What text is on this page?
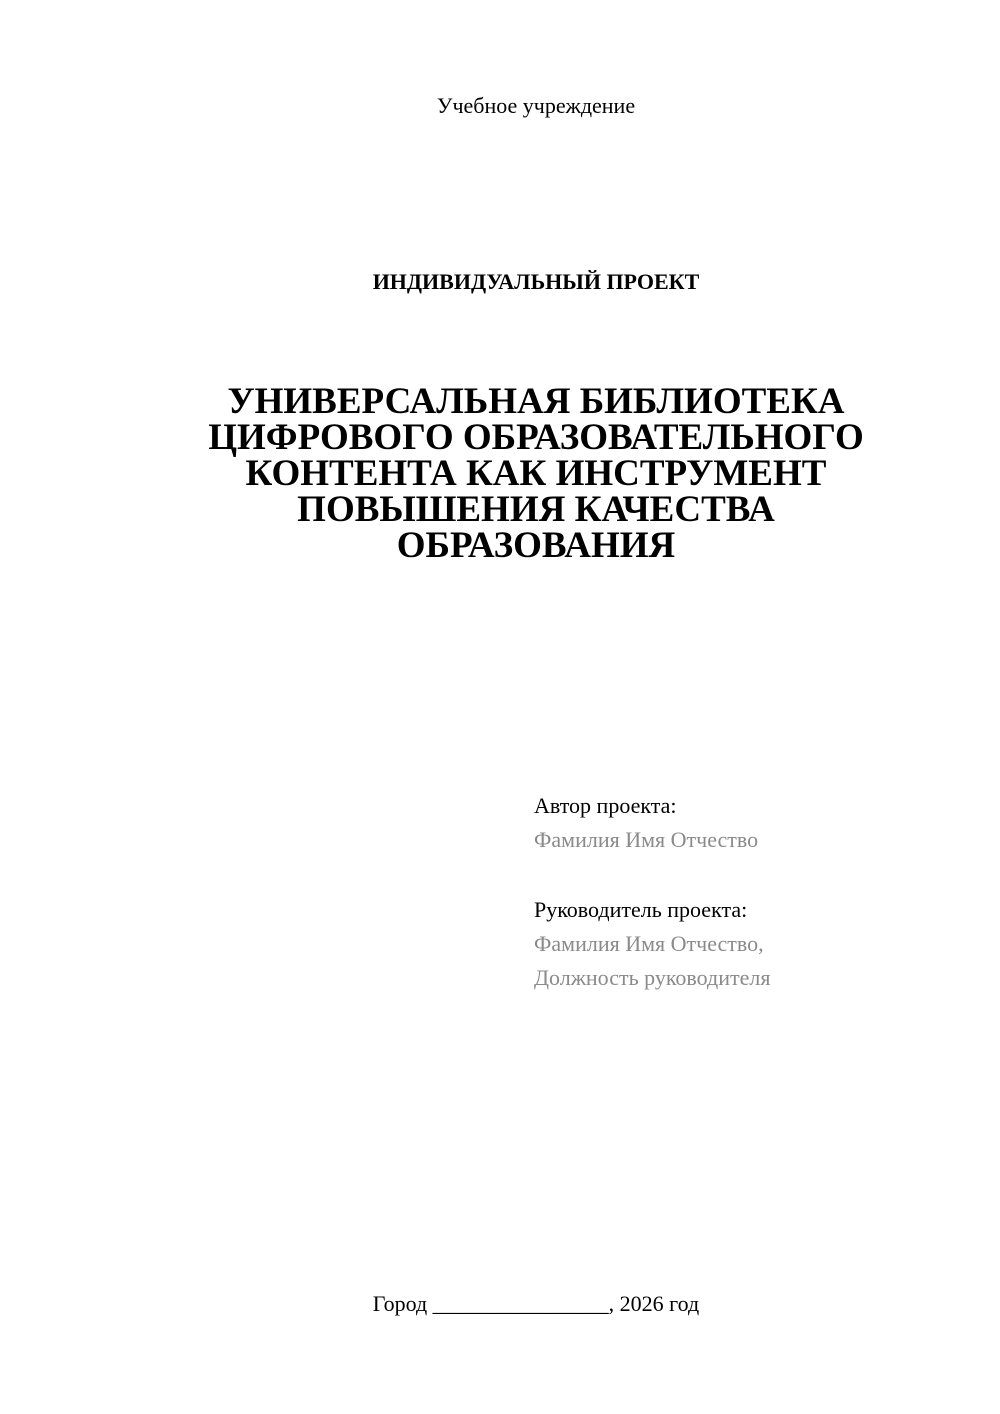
Учебное учреждение
ИНДИВИДУАЛЬНЫЙ ПРОЕКТ
УНИВЕРСАЛЬНАЯ БИБЛИОТЕКА
ЦИФРОВОГО ОБРАЗОВАТЕЛЬНОГО
КОНТЕНТА КАК ИНСТРУМЕНТ
ПОВЫШЕНИЯ КАЧЕСТВА
ОБРАЗОВАНИЯ
Автор проекта:
Фамилия Имя Отчество
Руководитель проекта:
Фамилия Имя Отчество,
Должность руководителя
Город ________________, 2026 год
